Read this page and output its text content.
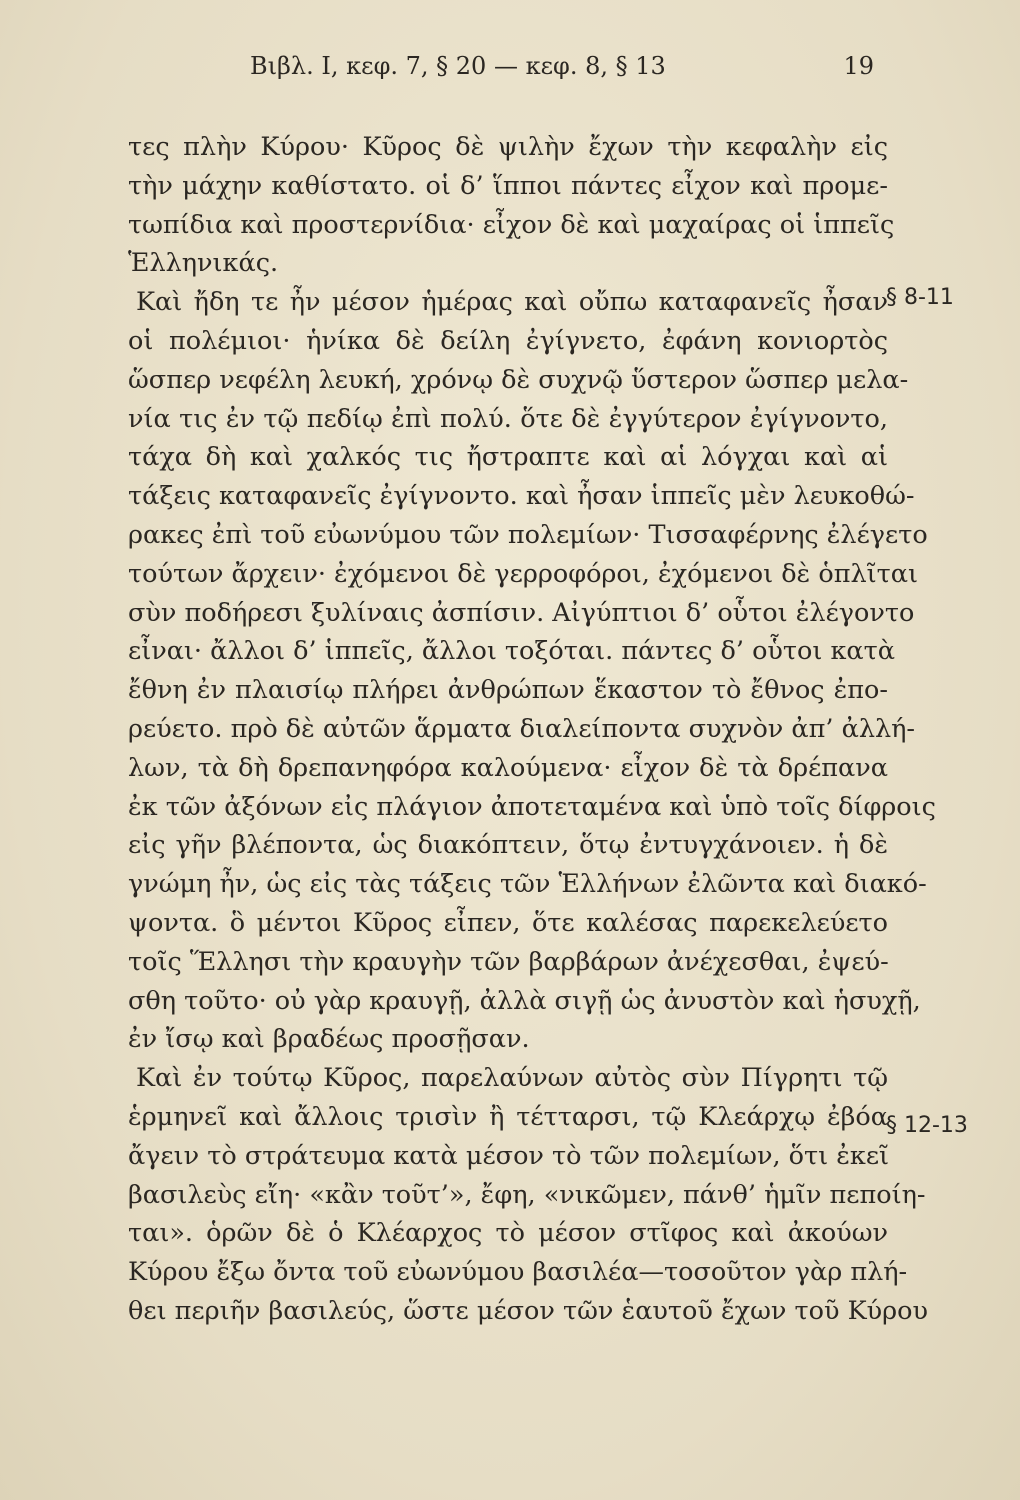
Βιβλ. Ι, κεφ. 7, § 20 — κεφ. 8, § 13	19
τες πλὴν Κύρου· Κῦρος δὲ ψιλὴν ἔχων τὴν κεφαλὴν εἰς
τὴν μάχην καθίστατο. οἱ δ’ ἵπποι πάντες εἶχον καὶ προμε-
τωπίδια καὶ προστερνίδια· εἶχον δὲ καὶ μαχαίρας οἱ ἱππεῖς
Ἑλληνικάς.
Καὶ ἤδη τε ἦν μέσον ἡμέρας καὶ οὔπω καταφανεῖς ἦσαν
οἱ πολέμιοι· ἡνίκα δὲ δείλη ἐγίγνετο, ἐφάνη κονιορτὸς
ὥσπερ νεφέλη λευκή, χρόνῳ δὲ συχνῷ ὕστερον ὥσπερ μελα-
νία τις ἐν τῷ πεδίῳ ἐπὶ πολύ. ὅτε δὲ ἐγγύτερον ἐγίγνοντο,
τάχα δὴ καὶ χαλκός τις ἤστραπτε καὶ αἱ λόγχαι καὶ αἱ
τάξεις καταφανεῖς ἐγίγνοντο. καὶ ἦσαν ἱππεῖς μὲν λευκοθώ-
ρακες ἐπὶ τοῦ εὐωνύμου τῶν πολεμίων· Τισσαφέρνης ἐλέγετο
τούτων ἄρχειν· ἐχόμενοι δὲ γερροφόροι, ἐχόμενοι δὲ ὁπλῖται
σὺν ποδήρεσι ξυλίναις ἀσπίσιν. Αἰγύπτιοι δ’ οὗτοι ἐλέγοντο
εἶναι· ἄλλοι δ’ ἱππεῖς, ἄλλοι τοξόται. πάντες δ’ οὗτοι κατὰ
ἔθνη ἐν πλαισίῳ πλήρει ἀνθρώπων ἕκαστον τὸ ἔθνος ἐπο-
ρεύετο. πρὸ δὲ αὐτῶν ἅρματα διαλείποντα συχνὸν ἀπ’ ἀλλή-
λων, τὰ δὴ δρεπανηφόρα καλούμενα· εἶχον δὲ τὰ δρέπανα
ἐκ τῶν ἀξόνων εἰς πλάγιον ἀποτεταμένα καὶ ὑπὸ τοῖς δίφροις
εἰς γῆν βλέποντα, ὡς διακόπτειν, ὅτῳ ἐντυγχάνοιεν. ἡ δὲ
γνώμη ἦν, ὡς εἰς τὰς τάξεις τῶν Ἑλλήνων ἐλῶντα καὶ διακό-
ψοντα. ὃ μέντοι Κῦρος εἶπεν, ὅτε καλέσας παρεκελεύετο
τοῖς Ἕλλησι τὴν κραυγὴν τῶν βαρβάρων ἀνέχεσθαι, ἐψεύ-
σθη τοῦτο· οὐ γὰρ κραυγῇ, ἀλλὰ σιγῇ ὡς ἀνυστὸν καὶ ἡσυχῇ,
ἐν ἴσῳ καὶ βραδέως προσῇσαν.
Καὶ ἐν τούτῳ Κῦρος, παρελαύνων αὐτὸς σὺν Πίγρητι τῷ
ἑρμηνεῖ καὶ ἄλλοις τρισὶν ἢ τέτταρσι, τῷ Κλεάρχῳ ἐβόα
ἄγειν τὸ στράτευμα κατὰ μέσον τὸ τῶν πολεμίων, ὅτι ἐκεῖ
βασιλεὺς εἴη· «κἂν τοῦτ’», ἔφη, «νικῶμεν, πάνθ’ ἡμῖν πεποίη-
ται». ὁρῶν δὲ ὁ Κλέαρχος τὸ μέσον στῖφος καὶ ἀκούων
Κύρου ἔξω ὄντα τοῦ εὐωνύμου βασιλέα—τοσοῦτον γὰρ πλή-
θει περιῆν βασιλεύς, ὥστε μέσον τῶν ἑαυτοῦ ἔχων τοῦ Κύρου
§ 8-11
§ 12-13
